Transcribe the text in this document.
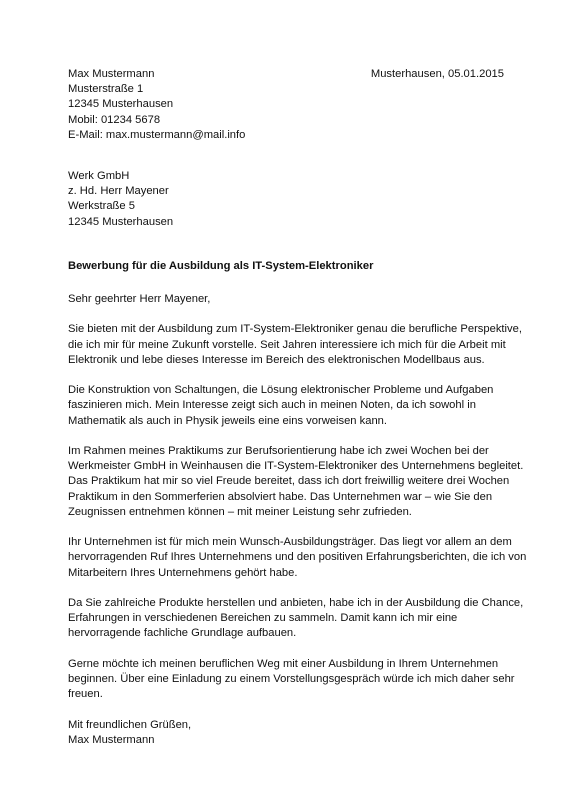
Max Mustermann
Musterstraße 1
12345 Musterhausen
Mobil: 01234 5678
E-Mail: max.mustermann@mail.info
Musterhausen, 05.01.2015
Werk GmbH
z. Hd. Herr Mayener
Werkstraße 5
12345 Musterhausen
Bewerbung für die Ausbildung als IT-System-Elektroniker

Sehr geehrter Herr Mayener,

Sie bieten mit der Ausbildung zum IT-System-Elektroniker genau die berufliche Perspektive,
die ich mir für meine Zukunft vorstelle. Seit Jahren interessiere ich mich für die Arbeit mit
Elektronik und lebe dieses Interesse im Bereich des elektronischen Modellbaus aus.

Die Konstruktion von Schaltungen, die Lösung elektronischer Probleme und Aufgaben
faszinieren mich. Mein Interesse zeigt sich auch in meinen Noten, da ich sowohl in
Mathematik als auch in Physik jeweils eine eins vorweisen kann.

Im Rahmen meines Praktikums zur Berufsorientierung habe ich zwei Wochen bei der
Werkmeister GmbH in Weinhausen die IT-System-Elektroniker des Unternehmens begleitet.
Das Praktikum hat mir so viel Freude bereitet, dass ich dort freiwillig weitere drei Wochen
Praktikum in den Sommerferien absolviert habe. Das Unternehmen war – wie Sie den
Zeugnissen entnehmen können – mit meiner Leistung sehr zufrieden.

Ihr Unternehmen ist für mich mein Wunsch-Ausbildungsträger. Das liegt vor allem an dem
hervorragenden Ruf Ihres Unternehmens und den positiven Erfahrungsberichten, die ich von
Mitarbeitern Ihres Unternehmens gehört habe.

Da Sie zahlreiche Produkte herstellen und anbieten, habe ich in der Ausbildung die Chance,
Erfahrungen in verschiedenen Bereichen zu sammeln. Damit kann ich mir eine
hervorragende fachliche Grundlage aufbauen.

Gerne möchte ich meinen beruflichen Weg mit einer Ausbildung in Ihrem Unternehmen
beginnen. Über eine Einladung zu einem Vorstellungsgespräch würde ich mich daher sehr
freuen.

Mit freundlichen Grüßen,
Max Mustermann
